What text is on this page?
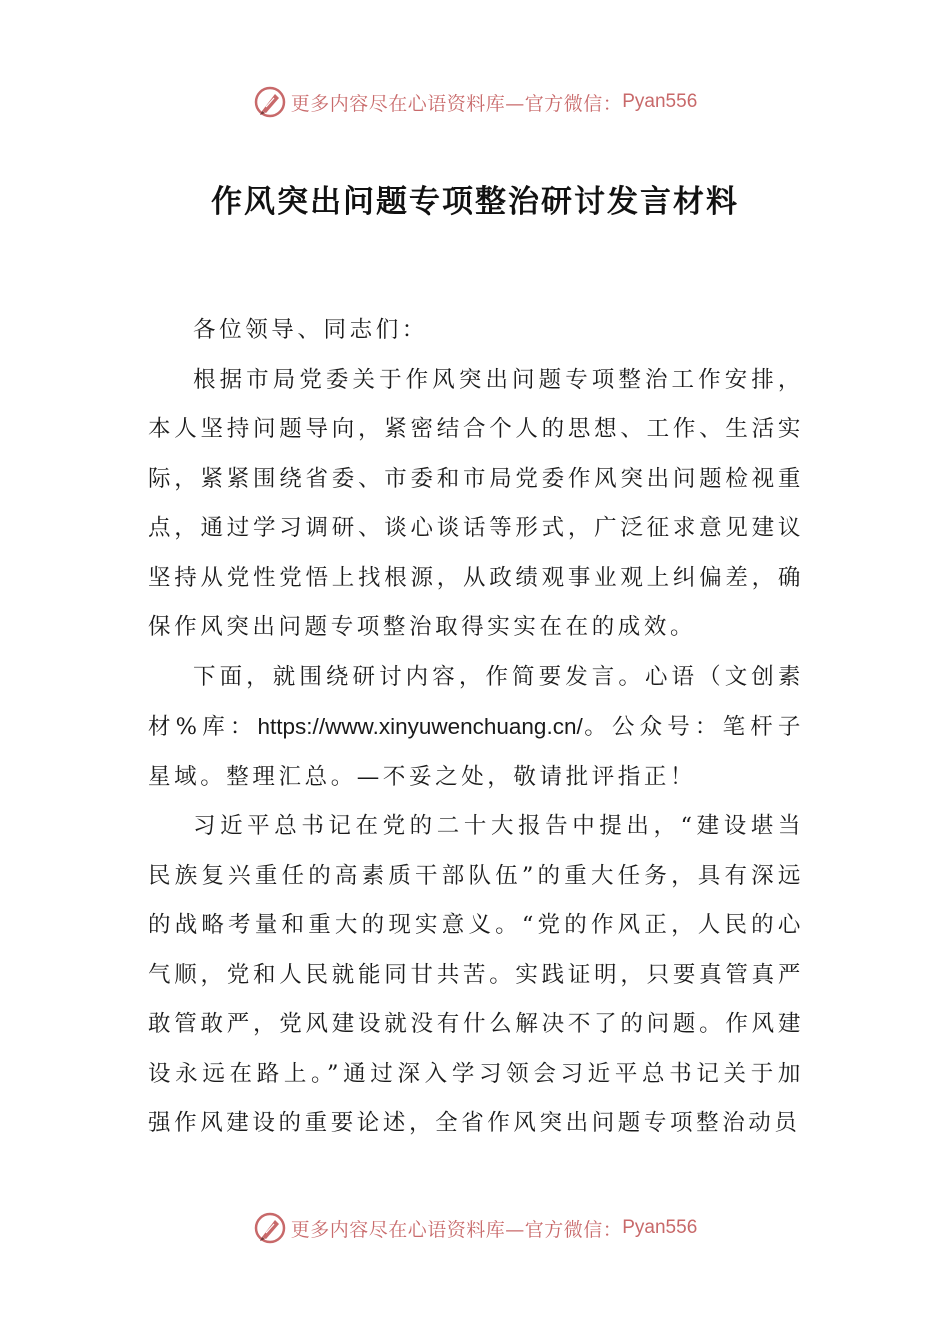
更多内容尽在心语资料库—官方微信： Pyan556
作风突出问题专项整治研讨发言材料

各位领导、同志们：

根据市局党委关于作风突出问题专项整治工作安排，本人坚持问题导向，紧密结合个人的思想、工作、生活实际，紧紧围绕省委、市委和市局党委作风突出问题检视重点，通过学习调研、谈心谈话等形式，广泛征求意见建议坚持从党性党悟上找根源，从政绩观事业观上纠偏差，确保作风突出问题专项整治取得实实在在的成效。

下面，就围绕研讨内容，作简要发言。心语（文创素材%库：https://www.xinyuwenchuang.cn/。公众号：笔杆子星域。整理汇总。—不妥之处，敬请批评指正！

习近平总书记在党的二十大报告中提出，“建设堪当民族复兴重任的高素质干部队伍”的重大任务，具有深远的战略考量和重大的现实意义。“党的作风正，人民的心气顺，党和人民就能同甘共苦。实践证明，只要真管真严敢管敢严，党风建设就没有什么解决不了的问题。作风建设永远在路上。”通过深入学习领会习近平总书记关于加强作风建设的重要论述，全省作风突出问题专项整治动员

更多内容尽在心语资料库—官方微信： Pyan556
